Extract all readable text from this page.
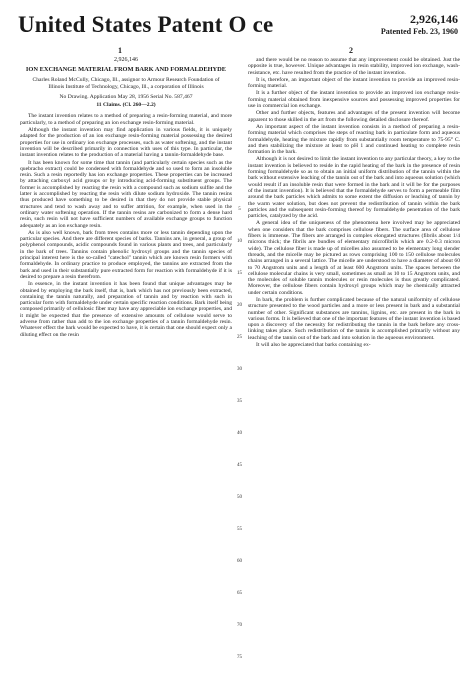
United States Patent O ce	2,926,146
Patented Feb. 23, 1960
1	2
2,926,146
ION EXCHANGE MATERIAL FROM BARK AND FORMALDEHYDE
Charles Roland McCully, Chicago, Ill., assignor to Armour Research Foundation of Illinois Institute of Technology, Chicago, Ill., a corporation of Illinois
No Drawing. Application May 28, 1956 Serial No. 587,467
11 Claims. (Cl. 260—2.2)

The instant invention relates to a method of preparing a resin-forming material, and more particularly, to a method of preparing an ion exchange resin-forming material.

Although the instant invention may find application in various fields, it is uniquely adapted for the production of an ion exchange resin-forming material possessing the desired properties for use in ordinary ion exchange processes, such as water softening, and the instant invention will be described primarily in connection with uses of this type. In particular, the instant invention relates to the production of a material having a tannin-formaldehyde base.

It has been known for some time that tannin (and particularly certain species such as the quebracho extract) could be condensed with formaldehyde and so used to form an insoluble resin. Such a resin reportedly has ion exchange properties. These properties can be increased by attaching carboxyl acid groups or by introducing acid-forming substituent groups. The former is accomplished by reacting the resin with a compound such as sodium sulfite and the latter is accomplished by reacting the resin with dilute sodium hydroxide. The tannin resins thus produced have something to be desired in that they do not provide stable physical structures and tend to wash away and to suffer attrition, for example, when used in the ordinary water softening operation. If the tannin resins are carbonized to form a dense hard resin, such resin will not have sufficient numbers of available exchange groups to function adequately as an ion exchange resin.

As is also well known, bark from trees contains more or less tannin depending upon the particular species. And there are different species of barks. Tannins are, in general, a group of polyphenol compounds, acidic compounds found in various plants and trees, and particularly in the bark of trees. Tannins contain phenolic hydroxyl groups and the tannin species of principal interest here is the so-called "catechol" tannin which are known resin formers with formaldehyde. In ordinary practice to produce employed, the tannins are extracted from the bark and used in their substantially pure extracted form for reaction with formaldehyde if it is desired to prepare a resin therefrom.

In essence, in the instant invention it has been found that unique advantages may be obtained by employing the bark itself, that is, bark which has not previously been extracted, containing the tannin naturally, and preparation of tannin and by reaction with such in particular form with formaldehyde under certain specific reaction conditions. Bark itself being composed primarily of cellulosic fiber may have any appreciable ion exchange properties, and it might be expected that the presence of extensive amounts of cellulose would serve to adverse from rather than add to the ion exchange properties of a tannin formaldehyde resin. Whatever effect the bark would be expected to have, it is certain that one should expect only a diluting effect on the resin

5
10
15
20
25
30
35
40
45
50
55
60
65
70
75

and there would be no reason to assume that any improvement could be obtained. Just the opposite is true, however. Unique advantages in resin stability, improved ion exchange, wash-resistance, etc. have resulted from the practice of the instant invention.

It is, therefore, an important object of the instant invention to provide an improved resin-forming material.

It is a further object of the instant invention to provide an improved ion exchange resin-forming material obtained from inexpensive sources and possessing improved properties for use in commercial ion exchange.

Other and further objects, features and advantages of the present invention will become apparent to those skilled in the art from the following detailed disclosure thereof.

An important aspect of the instant invention consists in a method of preparing a resin-forming material which comprises the steps of reacting bark in particulate form and aqueous formaldehyde, heating the mixture rapidly from substantially room temperature to 75-95° C. and then stabilizing the mixture at least to pH 1 and continued heating to complete resin formation in the bark.

Although it is not desired to limit the instant invention to any particular theory, a key to the instant invention is believed to reside in the rapid heating of the bark in the presence of resin forming formaldehyde so as to obtain an initial uniform distribution of the tannin within the bark without extensive leaching of the tannin out of the bark and into aqueous solution (which would result if an insoluble resin that were formed in the bark and it will be for the purposes of the instant invention). It is believed that the formaldehyde serves to form a permeable film around the bark particles which admits to some extent the diffusion or leaching of tannin by the warm water solution, but does not prevent the redistribution of tannin within the bark particles and the subsequent resin-forming thereof by formaldehyde penetration of the bark particles, catalyzed by the acid.

A general idea of the uniqueness of the phenomena here involved may be appreciated when one considers that the bark comprises cellulose fibers. The surface area of cellulose fibers is immense. The fibers are arranged in complex elongated structures (fibrils about 1/4 microns thick; the fibrils are bundles of elementary microfibrils which are 0.2-0.3 micron wide). The cellulose fiber is made up of micelles also assumed to be elementary long slender threads, and the micelle may be pictured as rows comprising 100 to 150 cellulose molecules chains arranged in a several lattice. The micelle are understood to have a diameter of about 60 to 70 Angstrom units and a length of at least 600 Angstrom units. The spaces between the cellulose molecular chains is very small, sometimes as small as 10 to 15 Angstrom units, and the molecules of soluble tannin molecules or resin molecules is thus greatly complicated. Moreover, the cellulose fibers contain hydroxyl groups which may be chemically attracted under certain conditions.

In bark, the problem is further complicated because of the natural uniformity of cellulose structure presented to the wood particles and a more or less present in bark and a substantial number of other. Significant substances are tannins, lignins, etc. are present in the bark in various forms. It is believed that one of the important features of the instant invention is based upon a discovery of the necessity for redistributing the tannin in the bark before any cross-linking takes place. Such redistribution of the tannin is accomplished primarily without any leaching of the tannin out of the bark and into solution in the aqueous environment.

It will also be appreciated that barks containing ex-
